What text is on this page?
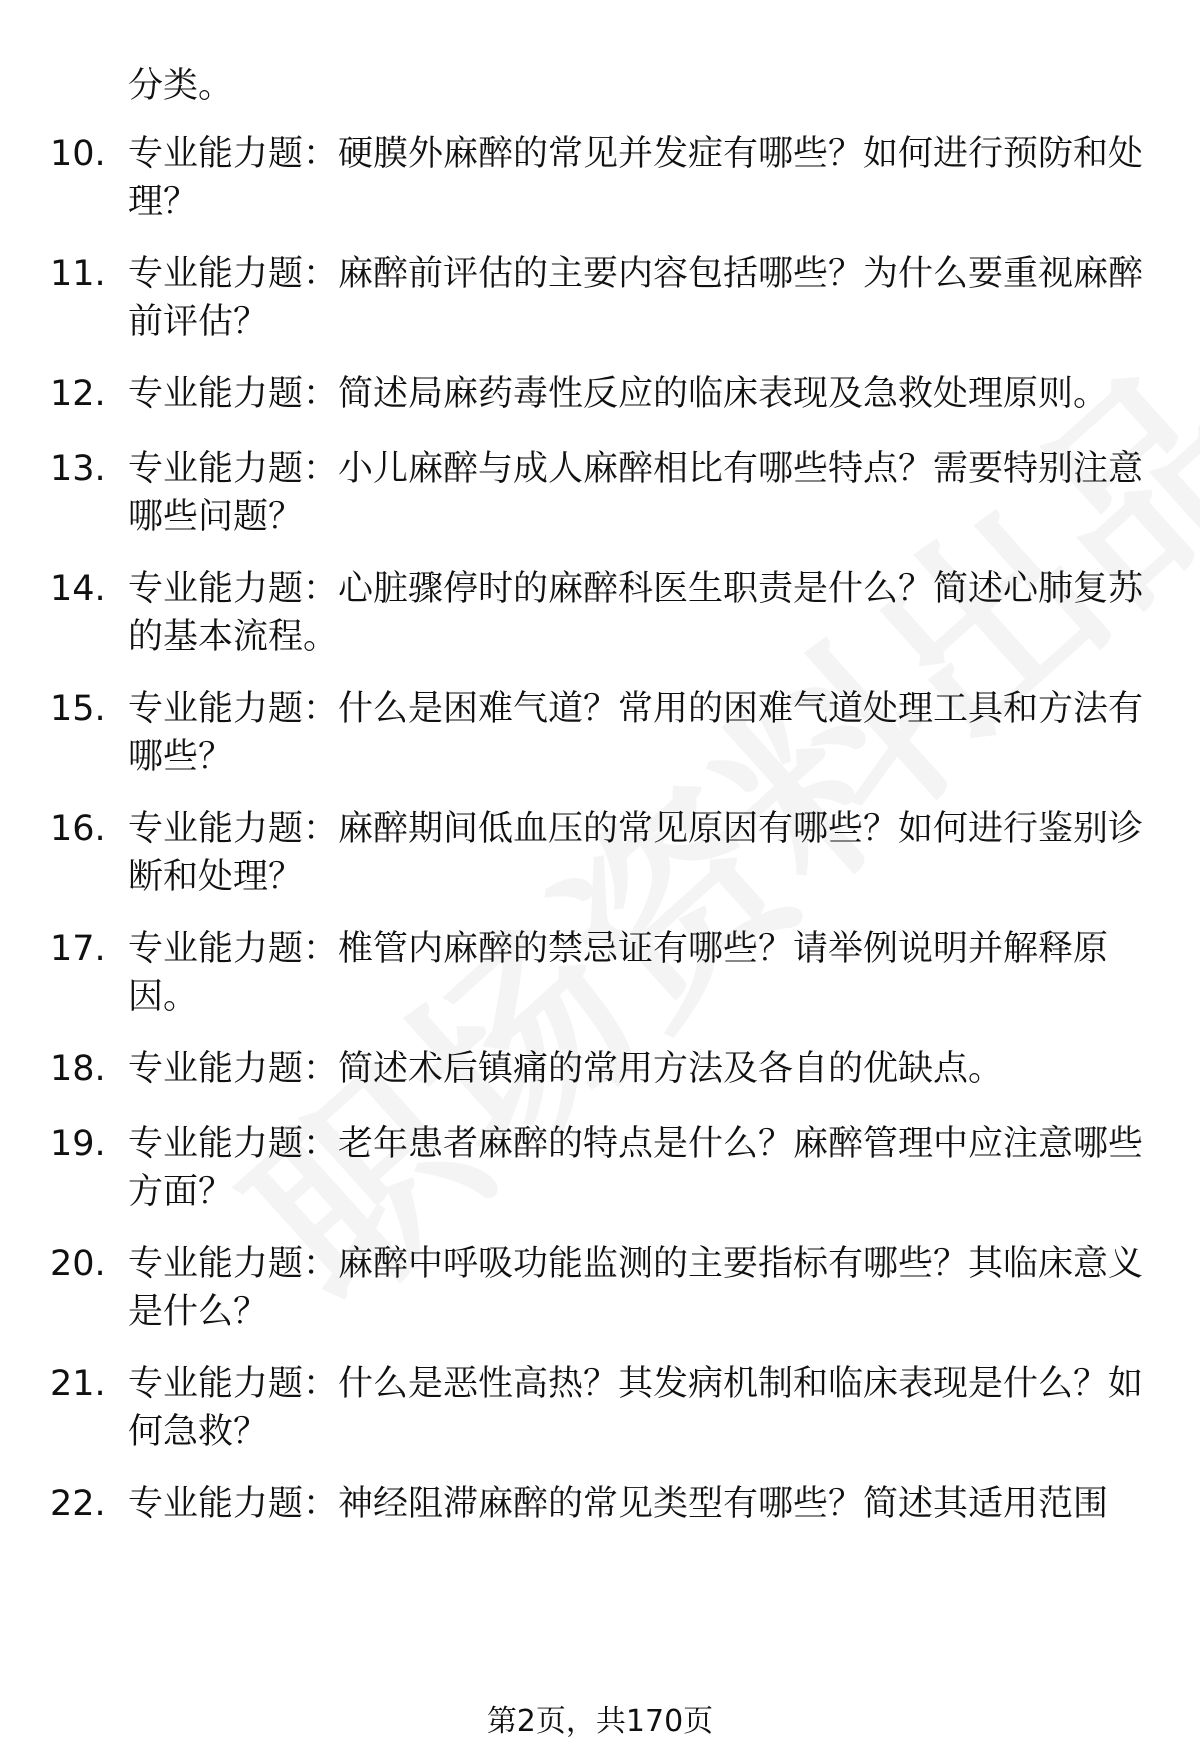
分类。
10. 专业能力题：硬膜外麻醉的常见并发症有哪些？如何进行预防和处理？
11. 专业能力题：麻醉前评估的主要内容包括哪些？为什么要重视麻醉前评估？
12. 专业能力题：简述局麻药毒性反应的临床表现及急救处理原则。
13. 专业能力题：小儿麻醉与成人麻醉相比有哪些特点？需要特别注意哪些问题？
14. 专业能力题：心脏骤停时的麻醉科医生职责是什么？简述心肺复苏的基本流程。
15. 专业能力题：什么是困难气道？常用的困难气道处理工具和方法有哪些？
16. 专业能力题：麻醉期间低血压的常见原因有哪些？如何进行鉴别诊断和处理？
17. 专业能力题：椎管内麻醉的禁忌证有哪些？请举例说明并解释原因。
18. 专业能力题：简述术后镇痛的常用方法及各自的优缺点。
19. 专业能力题：老年患者麻醉的特点是什么？麻醉管理中应注意哪些方面？
20. 专业能力题：麻醉中呼吸功能监测的主要指标有哪些？其临床意义是什么？
21. 专业能力题：什么是恶性高热？其发病机制和临床表现是什么？如何急救？
22. 专业能力题：神经阻滞麻醉的常见类型有哪些？简述其适用范围
第2页，共170页
